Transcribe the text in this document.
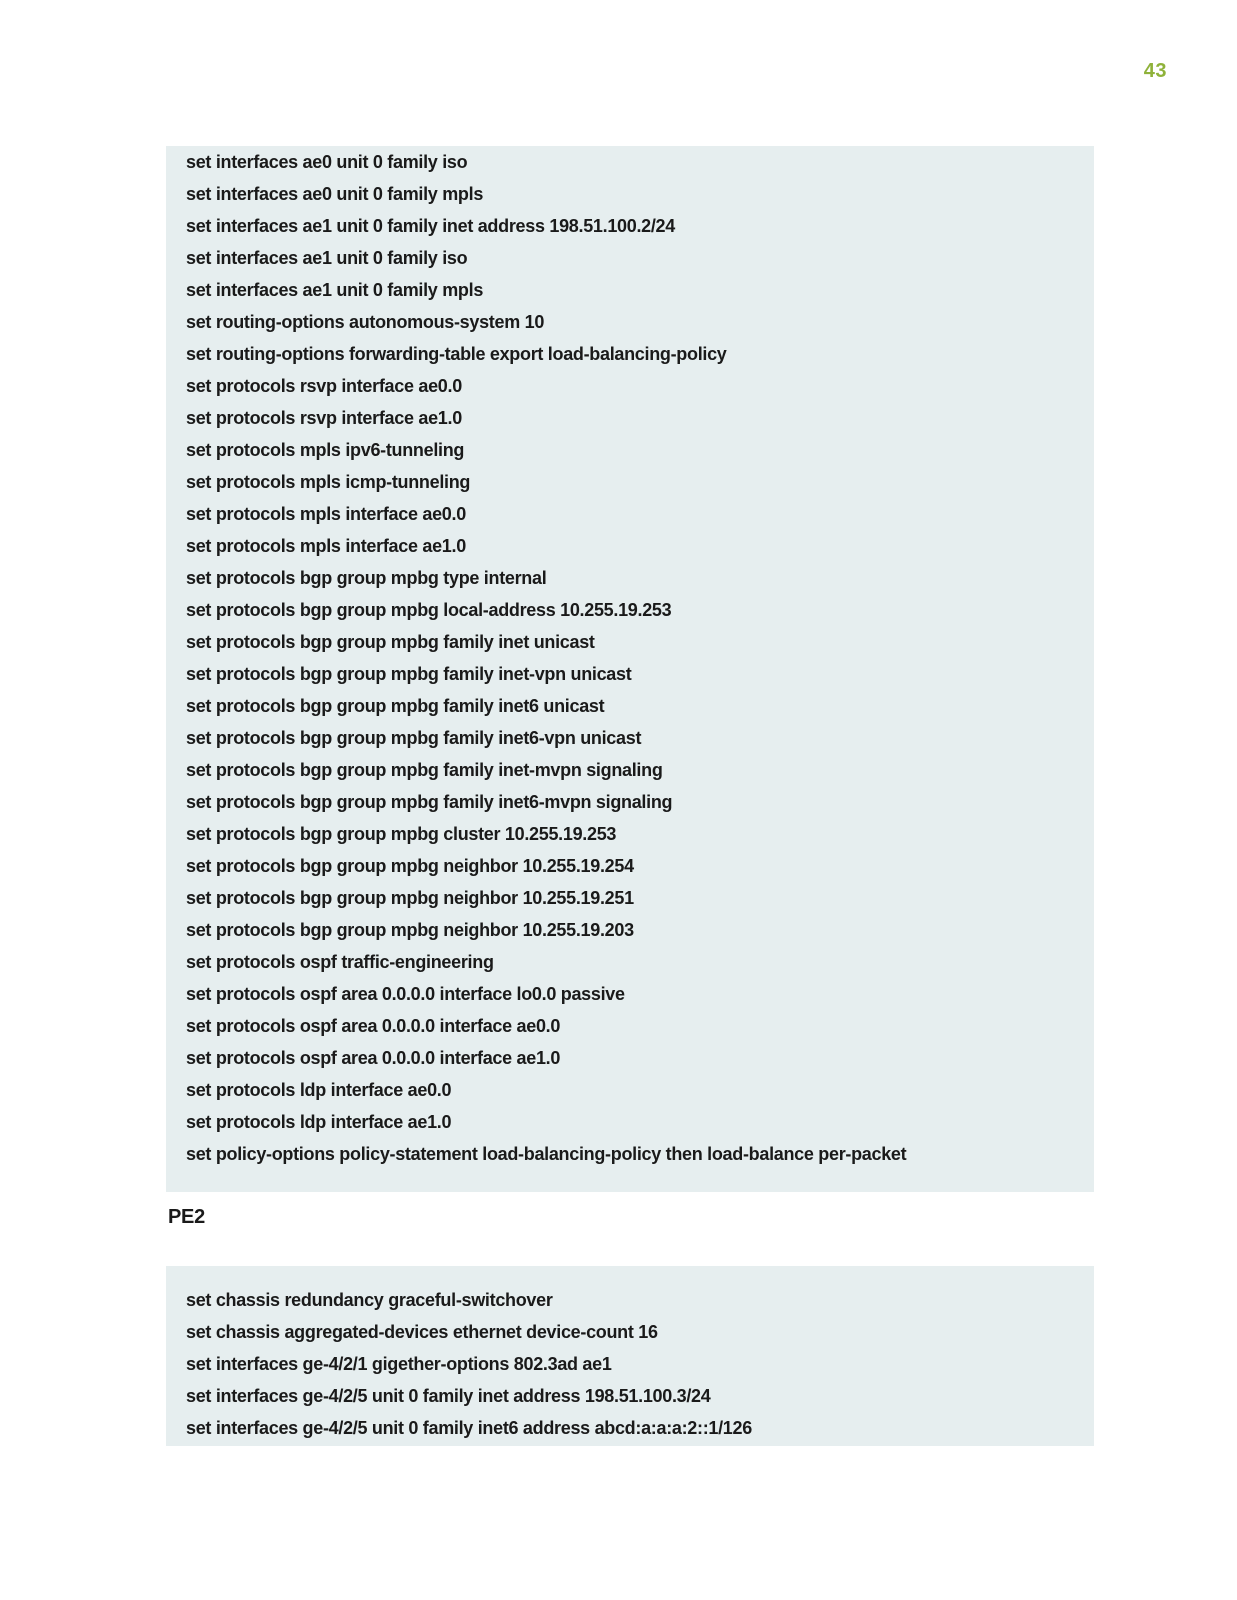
43
set interfaces ae0 unit 0 family iso
set interfaces ae0 unit 0 family mpls
set interfaces ae1 unit 0 family inet address 198.51.100.2/24
set interfaces ae1 unit 0 family iso
set interfaces ae1 unit 0 family mpls
set routing-options autonomous-system 10
set routing-options forwarding-table export load-balancing-policy
set protocols rsvp interface ae0.0
set protocols rsvp interface ae1.0
set protocols mpls ipv6-tunneling
set protocols mpls icmp-tunneling
set protocols mpls interface ae0.0
set protocols mpls interface ae1.0
set protocols bgp group mpbg type internal
set protocols bgp group mpbg local-address 10.255.19.253
set protocols bgp group mpbg family inet unicast
set protocols bgp group mpbg family inet-vpn unicast
set protocols bgp group mpbg family inet6 unicast
set protocols bgp group mpbg family inet6-vpn unicast
set protocols bgp group mpbg family inet-mvpn signaling
set protocols bgp group mpbg family inet6-mvpn signaling
set protocols bgp group mpbg cluster 10.255.19.253
set protocols bgp group mpbg neighbor 10.255.19.254
set protocols bgp group mpbg neighbor 10.255.19.251
set protocols bgp group mpbg neighbor 10.255.19.203
set protocols ospf traffic-engineering
set protocols ospf area 0.0.0.0 interface lo0.0 passive
set protocols ospf area 0.0.0.0 interface ae0.0
set protocols ospf area 0.0.0.0 interface ae1.0
set protocols ldp interface ae0.0
set protocols ldp interface ae1.0
set policy-options policy-statement load-balancing-policy then load-balance per-packet
PE2
set chassis redundancy graceful-switchover
set chassis aggregated-devices ethernet device-count 16
set interfaces ge-4/2/1 gigether-options 802.3ad ae1
set interfaces ge-4/2/5 unit 0 family inet address 198.51.100.3/24
set interfaces ge-4/2/5 unit 0 family inet6 address abcd:a:a:a:2::1/126
